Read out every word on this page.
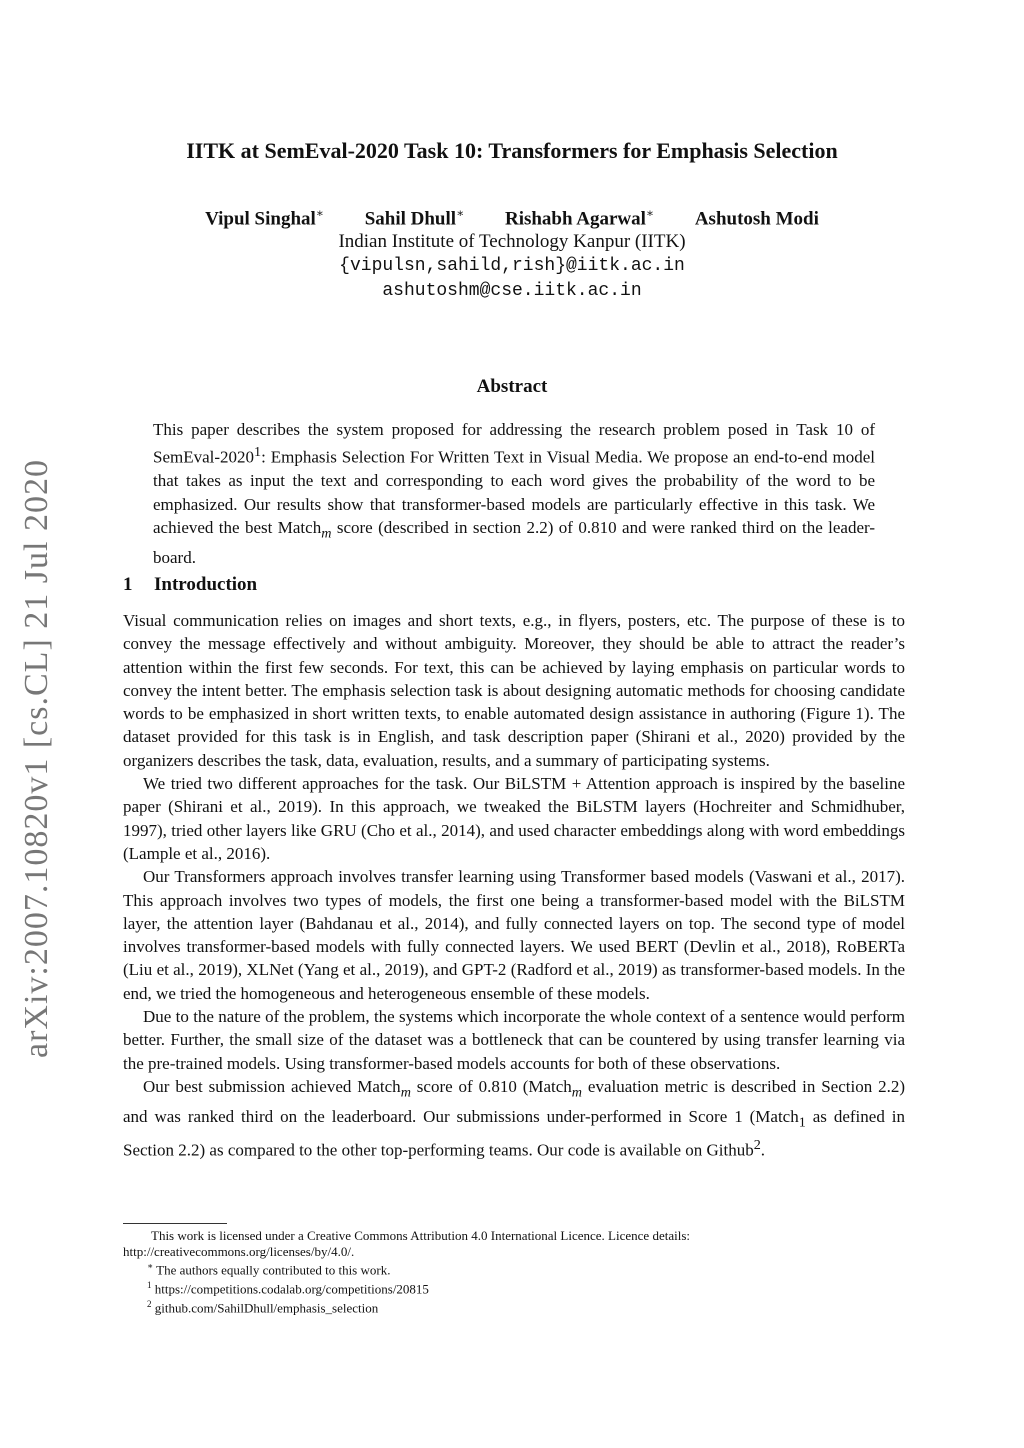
arXiv:2007.10820v1 [cs.CL] 21 Jul 2020
IITK at SemEval-2020 Task 10: Transformers for Emphasis Selection
Vipul Singhal∗ Sahil Dhull∗ Rishabh Agarwal∗ Ashutosh Modi
Indian Institute of Technology Kanpur (IITK)
{vipulsn,sahild,rish}@iitk.ac.in
ashutoshm@cse.iitk.ac.in
Abstract
This paper describes the system proposed for addressing the research problem posed in Task 10 of SemEval-2020$^1$: Emphasis Selection For Written Text in Visual Media. We propose an end-to-end model that takes as input the text and corresponding to each word gives the probability of the word to be emphasized. Our results show that transformer-based models are particularly effective in this task. We achieved the best Match$_m$ score (described in section 2.2) of 0.810 and were ranked third on the leader-board.
1 Introduction

Visual communication relies on images and short texts, e.g., in flyers, posters, etc. The purpose of these is to convey the message effectively and without ambiguity. Moreover, they should be able to attract the reader’s attention within the first few seconds. For text, this can be achieved by laying emphasis on particular words to convey the intent better. The emphasis selection task is about designing automatic methods for choosing candidate words to be emphasized in short written texts, to enable automated design assistance in authoring (Figure 1). The dataset provided for this task is in English, and task description paper (Shirani et al., 2020) provided by the organizers describes the task, data, evaluation, results, and a summary of participating systems.

We tried two different approaches for the task. Our BiLSTM + Attention approach is inspired by the baseline paper (Shirani et al., 2019). In this approach, we tweaked the BiLSTM layers (Hochreiter and Schmidhuber, 1997), tried other layers like GRU (Cho et al., 2014), and used character embeddings along with word embeddings (Lample et al., 2016).

Our Transformers approach involves transfer learning using Transformer based models (Vaswani et al., 2017). This approach involves two types of models, the first one being a transformer-based model with the BiLSTM layer, the attention layer (Bahdanau et al., 2014), and fully connected layers on top. The second type of model involves transformer-based models with fully connected layers. We used BERT (Devlin et al., 2018), RoBERTa (Liu et al., 2019), XLNet (Yang et al., 2019), and GPT-2 (Radford et al., 2019) as transformer-based models. In the end, we tried the homogeneous and heterogeneous ensemble of these models.

Due to the nature of the problem, the systems which incorporate the whole context of a sentence would perform better. Further, the small size of the dataset was a bottleneck that can be countered by using transfer learning via the pre-trained models. Using transformer-based models accounts for both of these observations.

Our best submission achieved Match$_m$ score of 0.810 (Match$_m$ evaluation metric is described in Section 2.2) and was ranked third on the leaderboard. Our submissions under-performed in Score 1 (Match$_1$ as defined in Section 2.2) as compared to the other top-performing teams. Our code is available on Github$^2$.

This work is licensed under a Creative Commons Attribution 4.0 International Licence. Licence details: http://creativecommons.org/licenses/by/4.0/.

∗ The authors equally contributed to this work.

$^1$ https://competitions.codalab.org/competitions/20815

$^2$ github.com/SahilDhull/emphasis_selection
